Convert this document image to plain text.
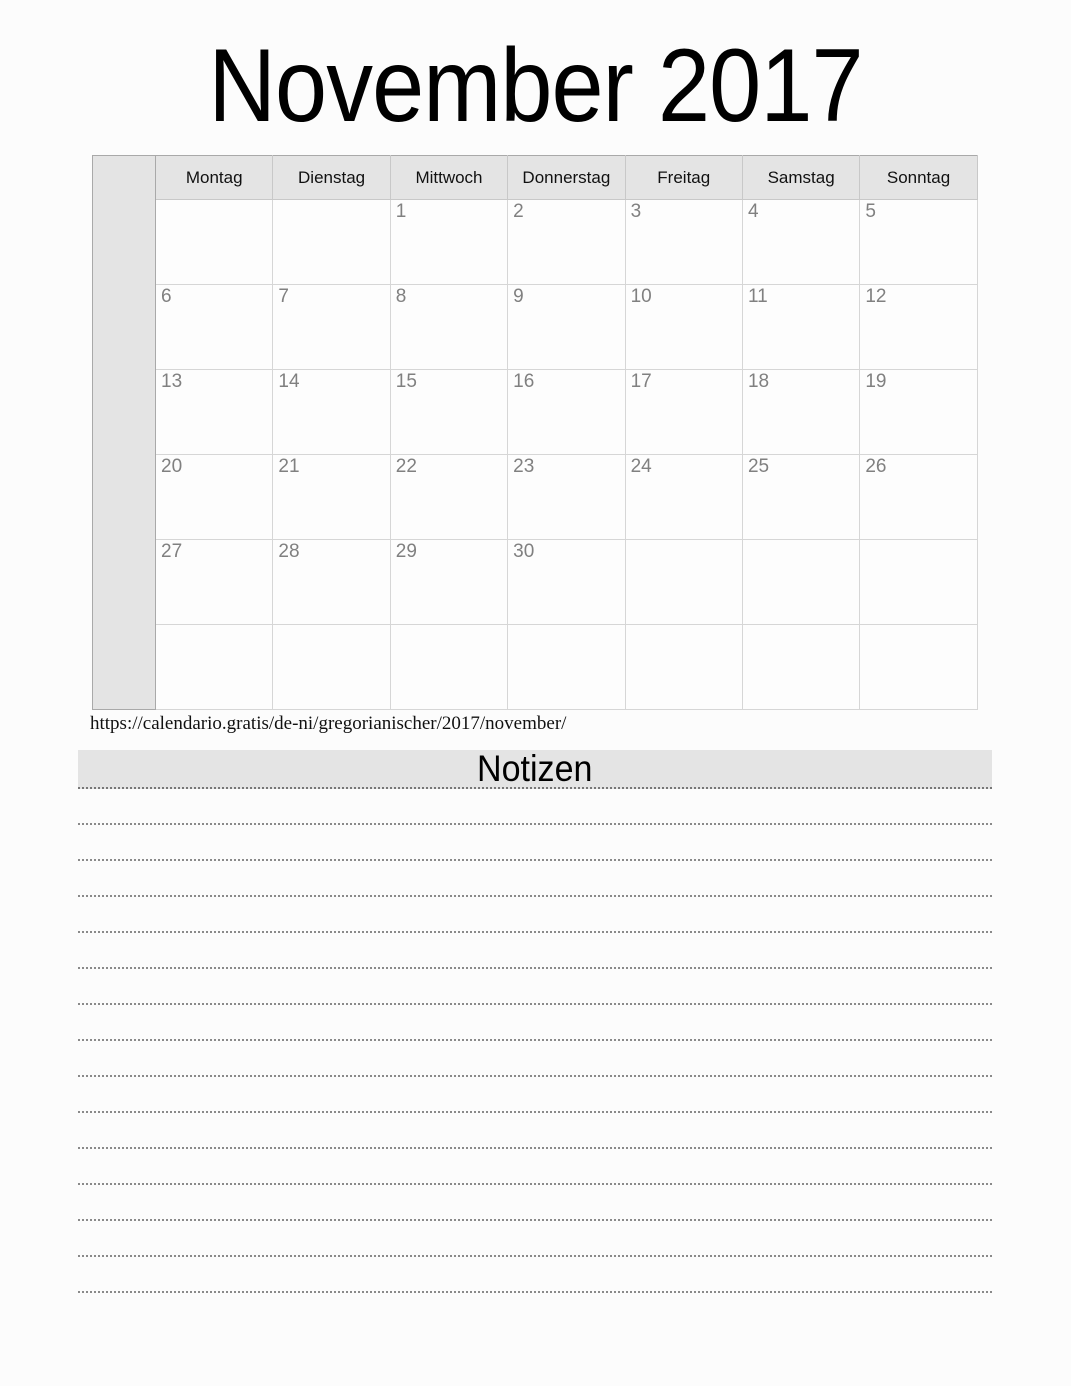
November 2017
	Montag	Dienstag	Mittwoch	Donnerstag	Freitag	Samstag	Sonntag

			1	2	3	4	5

	6	7	8	9	10	11	12

	13	14	15	16	17	18	19

	20	21	22	23	24	25	26

	27	28	29	30			

https://calendario.gratis/de-ni/gregorianischer/2017/november/
Notizen
